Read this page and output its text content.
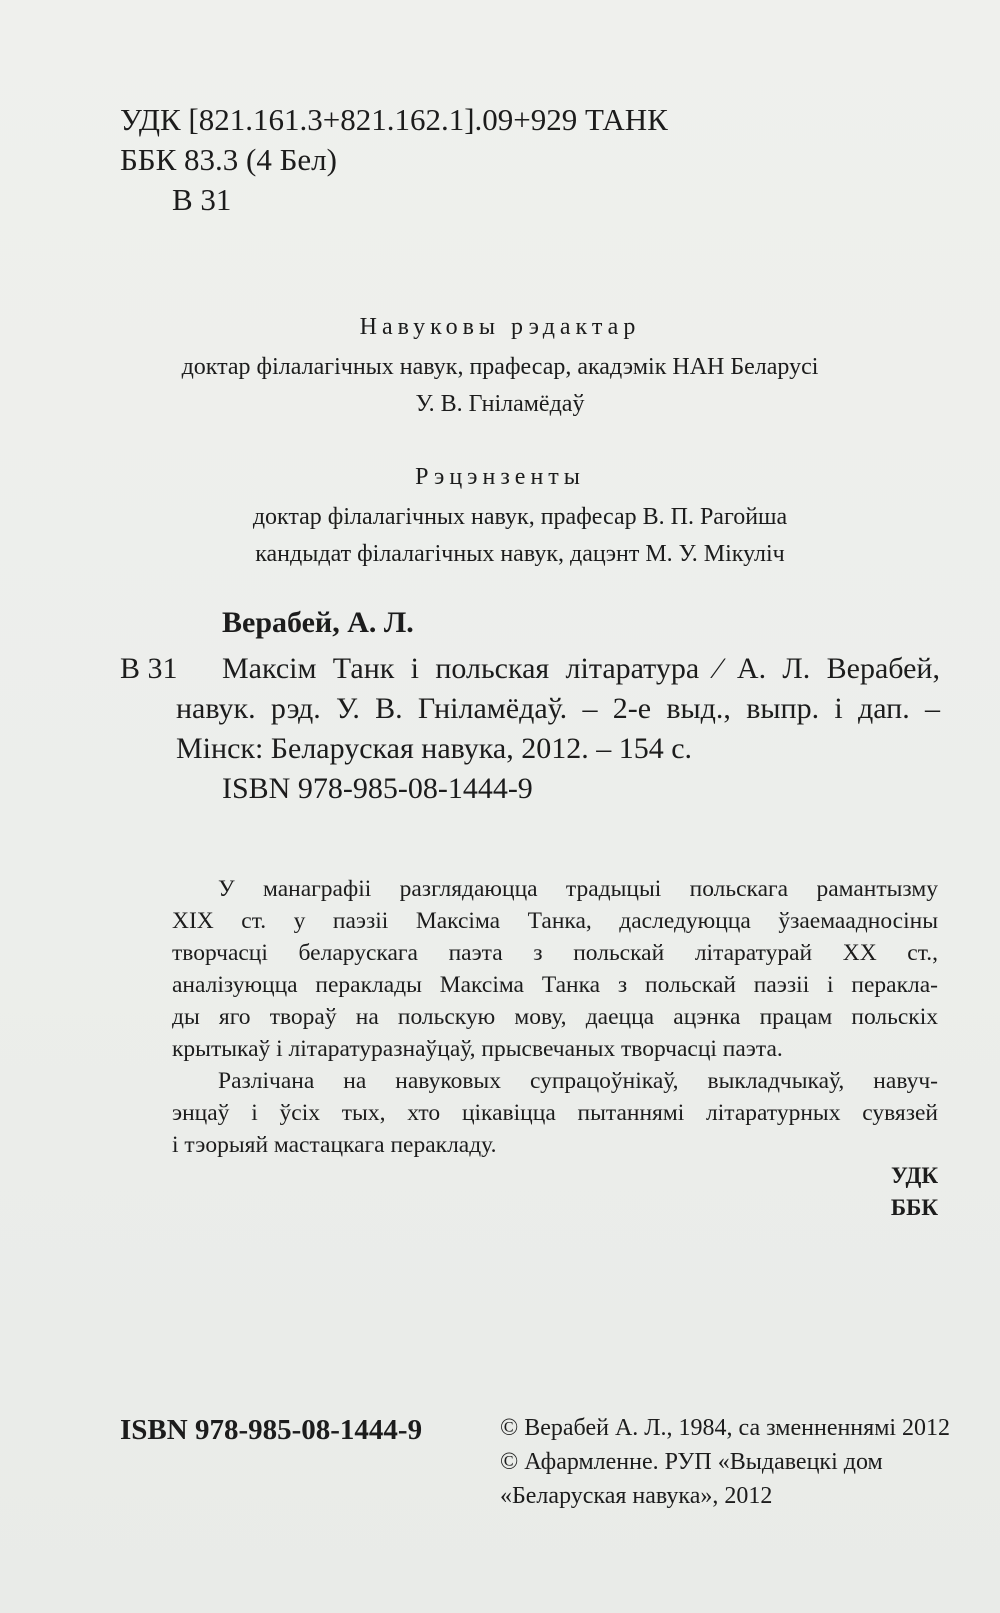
УДК [821.161.3+821.162.1].09+929 ТАНК
ББК 83.3 (4 Бел)
В 31
Навуковы рэдактар
доктар філалагічных навук, прафесар, акадэмік НАН Беларусі
У. В. Гніламёдаў
Рэцэнзенты
доктар філалагічных навук, прафесар В. П. Рагойша
кандыдат філалагічных навук, дацэнт М. У. Мікуліч
Верабей, А. Л.
В 31	Максім Танк і польская літаратура ⁄ А. Л. Верабей,
навук. рэд. У. В. Гніламёдаў. – 2-е выд., выпр. і дап. –
Мінск: Беларуская навука, 2012. – 154 с.
ISBN 978-985-08-1444-9
У манаграфіі разглядаюцца традыцыі польскага рамантызму
XIX ст. у паэзіі Максіма Танка, даследуюцца ўзаемаадносіны
творчасці беларускага паэта з польскай літаратурай XX ст.,
аналізуюцца пераклады Максіма Танка з польскай паэзіі і перакла-
ды яго твораў на польскую мову, даецца ацэнка працам польскіх
крытыкаў і літаратуразнаўцаў, прысвечаных творчасці паэта.
Разлічана на навуковых супрацоўнікаў, выкладчыкаў, навуч-
энцаў і ўсіх тых, хто цікавіцца пытаннямі літаратурных сувязей
і тэорыяй мастацкага перакладу.
УДК
ББК
ISBN 978-985-08-1444-9	© Верабей А. Л., 1984, са зменненнямі 2012
© Афармленне. РУП «Выдавецкі дом
«Беларуская навука», 2012
